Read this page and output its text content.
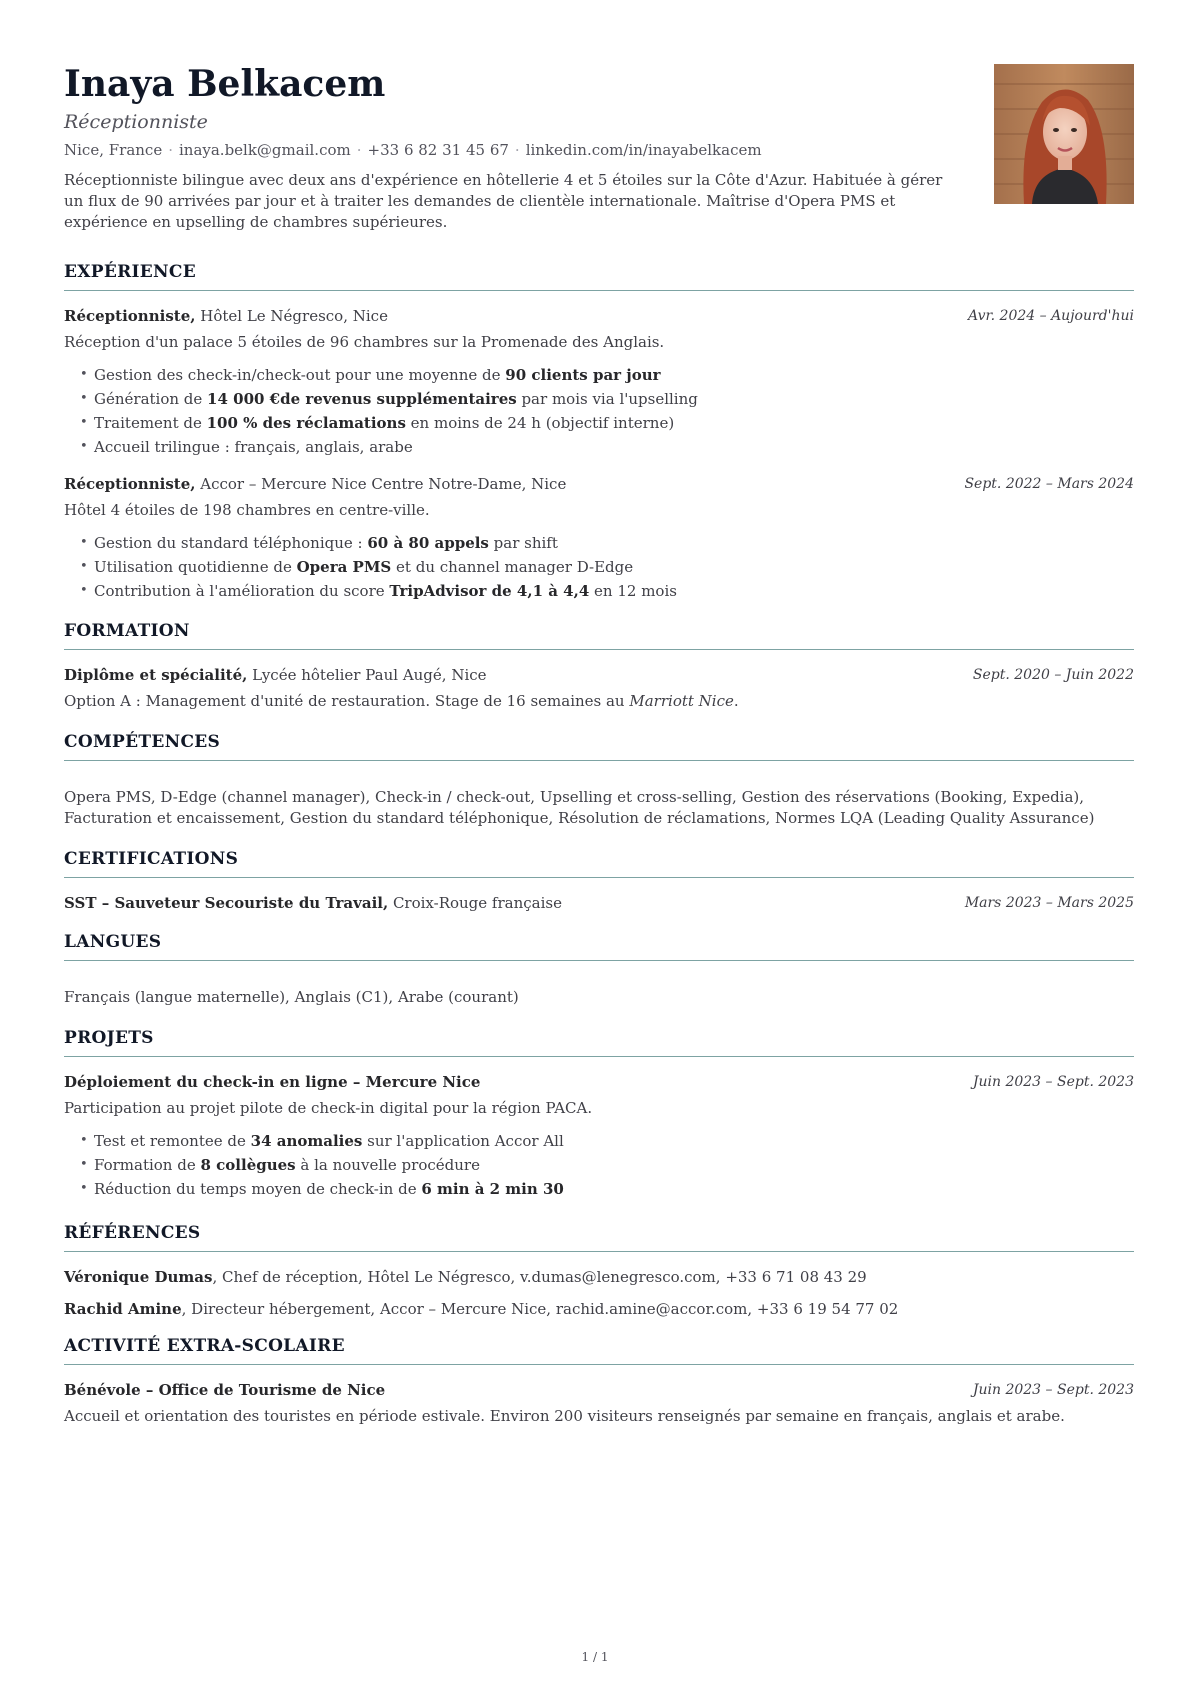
Inaya Belkacem
Réceptionniste
Nice, France · inaya.belk@gmail.com · +33 6 82 31 45 67 · linkedin.com/in/inayabelkacem
Réceptionniste bilingue avec deux ans d'expérience en hôtellerie 4 et 5 étoiles sur la Côte d'Azur. Habituée à gérer un flux de 90 arrivées par jour et à traiter les demandes de clientèle internationale. Maîtrise d'Opera PMS et expérience en upselling de chambres supérieures.
EXPÉRIENCE
Réceptionniste, Hôtel Le Négresco, Nice	Avr. 2024 – Aujourd'hui
Réception d'un palace 5 étoiles de 96 chambres sur la Promenade des Anglais.
• Gestion des check-in/check-out pour une moyenne de 90 clients par jour
• Génération de 14 000 €de revenus supplémentaires par mois via l'upselling
• Traitement de 100 % des réclamations en moins de 24 h (objectif interne)
• Accueil trilingue : français, anglais, arabe
Réceptionniste, Accor – Mercure Nice Centre Notre-Dame, Nice	Sept. 2022 – Mars 2024
Hôtel 4 étoiles de 198 chambres en centre-ville.
• Gestion du standard téléphonique : 60 à 80 appels par shift
• Utilisation quotidienne de Opera PMS et du channel manager D-Edge
• Contribution à l'amélioration du score TripAdvisor de 4,1 à 4,4 en 12 mois
FORMATION
Diplôme et spécialité, Lycée hôtelier Paul Augé, Nice	Sept. 2020 – Juin 2022
Option A : Management d'unité de restauration. Stage de 16 semaines au Marriott Nice.
COMPÉTENCES
Opera PMS, D-Edge (channel manager), Check-in / check-out, Upselling et cross-selling, Gestion des réservations (Booking, Expedia), Facturation et encaissement, Gestion du standard téléphonique, Résolution de réclamations, Normes LQA (Leading Quality Assurance)
CERTIFICATIONS
SST – Sauveteur Secouriste du Travail, Croix-Rouge française	Mars 2023 – Mars 2025
LANGUES
Français (langue maternelle), Anglais (C1), Arabe (courant)
PROJETS
Déploiement du check-in en ligne – Mercure Nice	Juin 2023 – Sept. 2023
Participation au projet pilote de check-in digital pour la région PACA.
• Test et remontee de 34 anomalies sur l'application Accor All
• Formation de 8 collègues à la nouvelle procédure
• Réduction du temps moyen de check-in de 6 min à 2 min 30
RÉFÉRENCES
Véronique Dumas, Chef de réception, Hôtel Le Négresco, v.dumas@lenegresco.com, +33 6 71 08 43 29
Rachid Amine, Directeur hébergement, Accor – Mercure Nice, rachid.amine@accor.com, +33 6 19 54 77 02
ACTIVITÉ EXTRA-SCOLAIRE
Bénévole – Office de Tourisme de Nice	Juin 2023 – Sept. 2023
Accueil et orientation des touristes en période estivale. Environ 200 visiteurs renseignés par semaine en français, anglais et arabe.
1 / 1
